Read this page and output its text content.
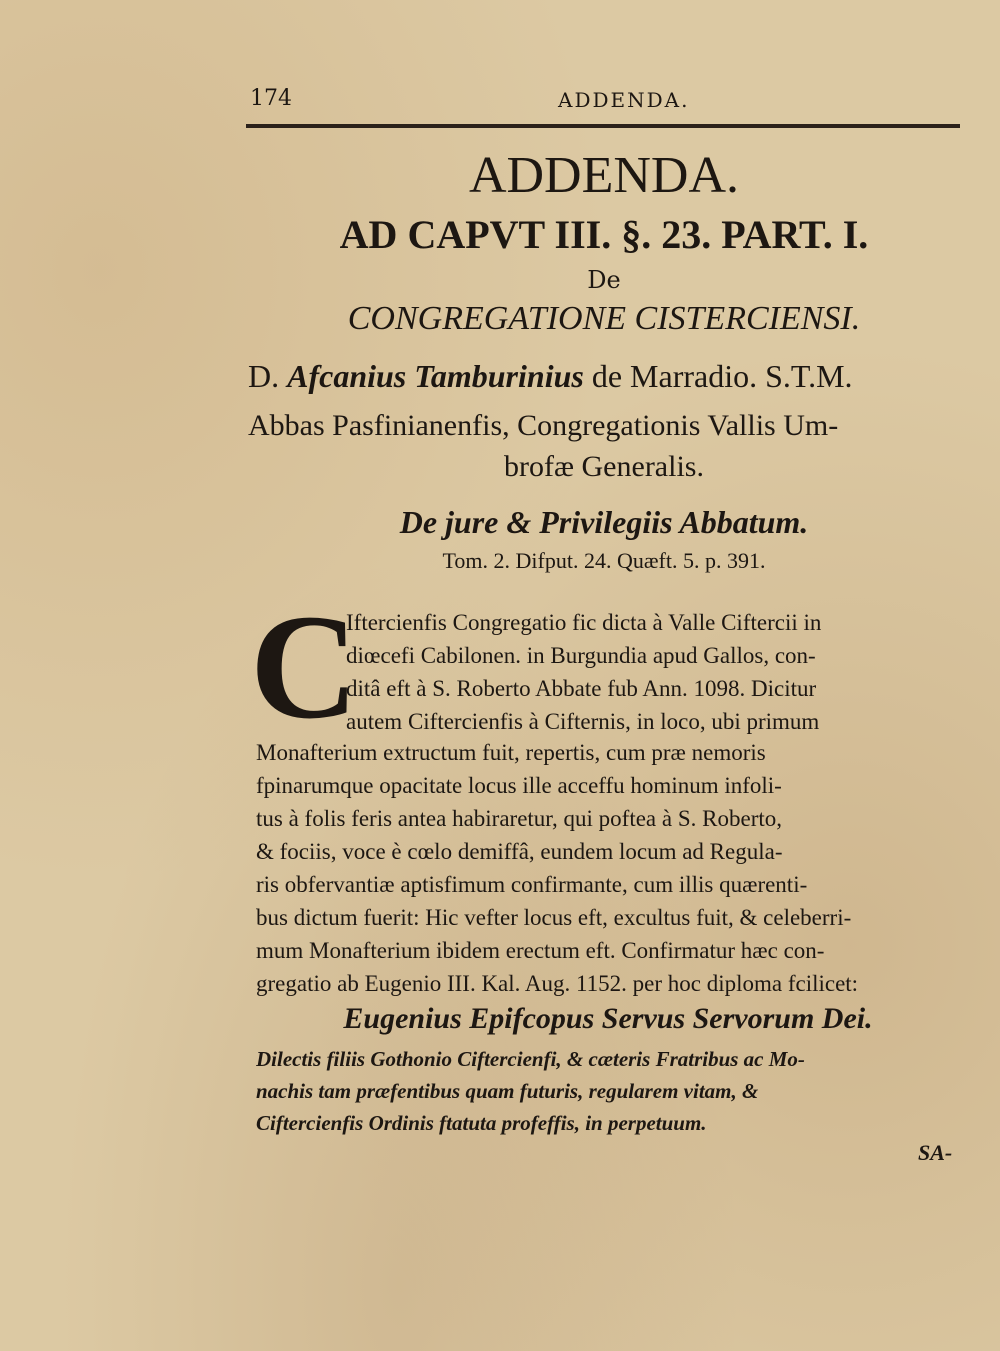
174	ADDENDA.
ADDENDA.
AD CAPVT III. §. 23. PART. I.
De
CONGREGATIONE CISTERCIENSI.
D. Afcanius Tamburinius de Marradio. S.T.M.
Abbas Pasfinianenfis, Congregationis Vallis Um-
brofæ Generalis.
De jure & Privilegiis Abbatum.
Tom. 2. Difput. 24. Quæft. 5. p. 391.
C
Iftercienfis Congregatio fic dicta à Valle Ciftercii in
diœcefi Cabilonen. in Burgundia apud Gallos, con-
ditâ eft à S. Roberto Abbate fub Ann. 1098. Dicitur
autem Ciftercienfis à Cifternis, in loco, ubi primum
Monafterium extructum fuit, repertis, cum præ nemoris
fpinarumque opacitate locus ille acceffu hominum infoli-
tus à folis feris antea habiraretur, qui poftea à S. Roberto,
& fociis, voce è cœlo demiffâ, eundem locum ad Regula-
ris obfervantiæ aptisfimum confirmante, cum illis quærenti-
bus dictum fuerit: Hic vefter locus eft, excultus fuit, & celeberri-
mum Monafterium ibidem erectum eft. Confirmatur hæc con-
gregatio ab Eugenio III. Kal. Aug. 1152. per hoc diploma fcilicet:
Eugenius Epifcopus Servus Servorum Dei.
Dilectis filiis Gothonio Ciftercienfi, & cæteris Fratribus ac Mo-
nachis tam præfentibus quam futuris, regularem vitam, &
Ciftercienfis Ordinis ftatuta profeffis, in perpetuum.
SA-
